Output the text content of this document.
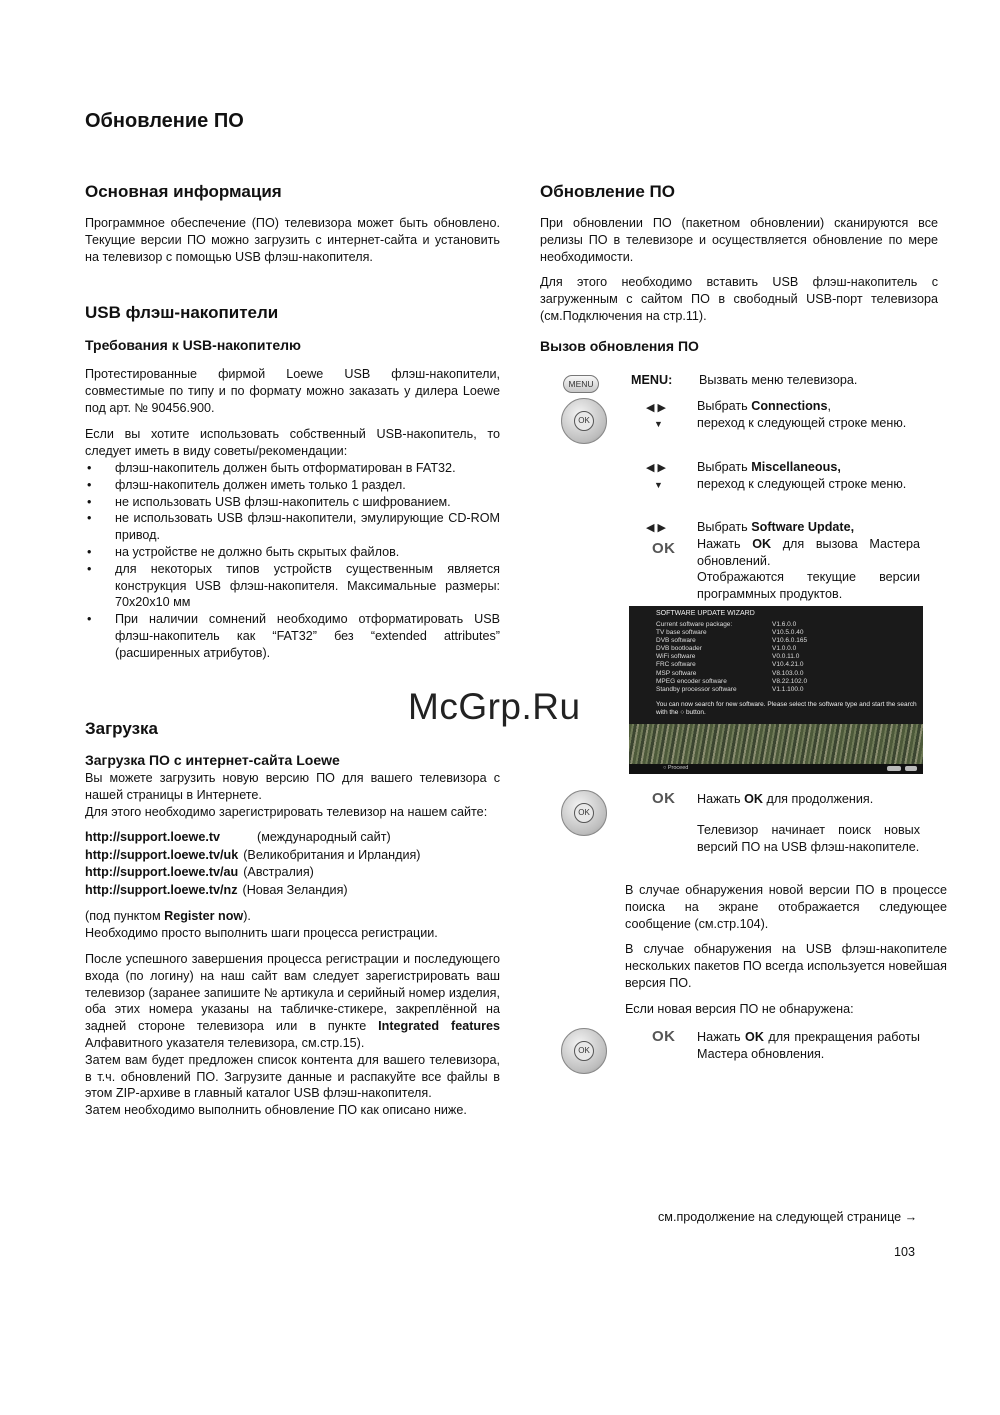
Обновление ПО
Основная информация

Программное обеспечение (ПО) телевизора может быть обновлено. Текущие версии ПО можно загрузить с интернет-сайта и установить на телевизор с помощью USB флэш-накопителя.

USB флэш-накопители
Требования к USB-накопителю

Протестированные фирмой Loewe USB флэш-накопители, совместимые по типу и по формату можно заказать у дилера Loewe под арт. № 90456.900.

Если вы хотите использовать собственный USB-накопитель, то следует иметь в виду советы/рекомендации:

• флэш-накопитель должен быть отформатирован в FAT32.
• флэш-накопитель должен иметь только 1 раздел.
• не использовать USB флэш-накопитель с шифрованием.
• не использовать USB флэш-накопители, эмулирующие CD-ROM привод.
• на устройстве не должно быть скрытых файлов.
• для некоторых типов устройств существенным является конструкция USB флэш-накопителя. Максимальные размеры: 70x20x10 мм
• При наличии сомнений необходимо отформатировать USB флэш-накопитель как “FAT32” без “extended attributes” (расширенных атрибутов).
Загрузка
Загрузка ПО с интернет-сайта Loewe

Вы можете загрузить новую версию ПО для вашего телевизора с нашей страницы в Интернете.

Для этого необходимо зарегистрировать телевизор на нашем сайте:

http://support.loewe.tv	(международный сайт)
http://support.loewe.tv/uk (Великобритания и Ирландия)
http://support.loewe.tv/au (Австралия)
http://support.loewe.tv/nz (Новая Зеландия)

(под пунктом Register now).

Необходимо просто выполнить шаги процесса регистрации.

После успешного завершения процесса регистрации и последующего входа (по логину) на наш сайт вам следует зарегистрировать ваш телевизор (заранее запишите № артикула и серийный номер изделия, оба этих номера указаны на табличке-стикере, закреплённой на задней стороне телевизора или в пункте Integrated features Алфавитного указателя телевизора, см.стр.15).

Затем вам будет предложен список контента для вашего телевизора, в т.ч. обновлений ПО. Загрузите данные и распакуйте все файлы в этом ZIP-архиве в главный каталог USB флэш-накопителя.

Затем необходимо выполнить обновление ПО как описано ниже.

Обновление ПО

При обновлении ПО (пакетном обновлении) сканируются все релизы ПО в телевизоре и осуществляется обновление по мере необходимости.

Для этого необходимо вставить USB флэш-накопитель с загруженным с сайтом ПО в свободный USB-порт телевизора (см.Подключения на стр.11).

Вызов обновления ПО
MENU
OK
MENU: Вызвать меню телевизора.
◀ ▶
▼
Выбрать Connections,
переход к следующей строке меню.
◀ ▶
▼
Выбрать Miscellaneous,
переход к следующей строке меню.
◀ ▶
OK
Выбрать Software Update,
Нажать OK для вызова Мастера обновлений.
Отображаются текущие версии программных продуктов.
SOFTWARE UPDATE WIZARD
Current software package:	V1.6.0.0
TV base software	V10.5.0.40
DVB software	V10.6.0.165
DVB bootloader	V1.0.0.0
WiFi software	V0.0.11.0
FRC software	V10.4.21.0
MSP software	V8.103.0.0
MPEG encoder software	V8.22.102.0
Standby processor software	V1.1.100.0
You can now search for new software. Please select the software type and start the search with the ○ button.
○ Proceed
McGrp.Ru
OK
OK Нажать OK для продолжения.
Телевизор начинает поиск новых версий ПО на USB флэш-накопителе.

В случае обнаружения новой версии ПО в процессе поиска на экране отображается следующее сообщение (см.стр.104).

В случае обнаружения на USB флэш-накопителе нескольких пакетов ПО всегда используется новейшая версия ПО.

Если новая версия ПО не обнаружена:

OK
OK Нажать OK для прекращения работы Мастера обновления.
см.продолжение на следующей странице →
103
